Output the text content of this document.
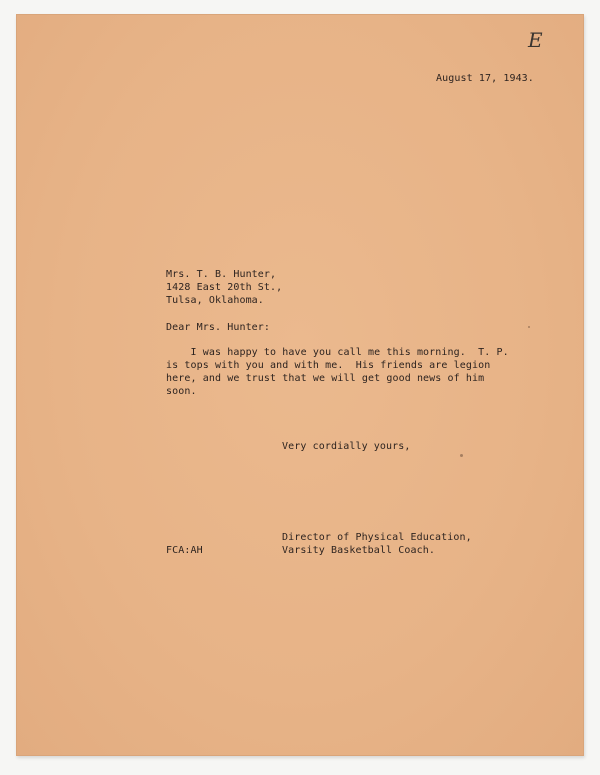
E
August 17, 1943.
Mrs. T. B. Hunter,
1428 East 20th St.,
Tulsa, Oklahoma.
Dear Mrs. Hunter:
I was happy to have you call me this morning.  T. P.
is tops with you and with me.  His friends are legion
here, and we trust that we will get good news of him
soon.
Very cordially yours,
Director of Physical Education,
Varsity Basketball Coach.
FCA:AH
